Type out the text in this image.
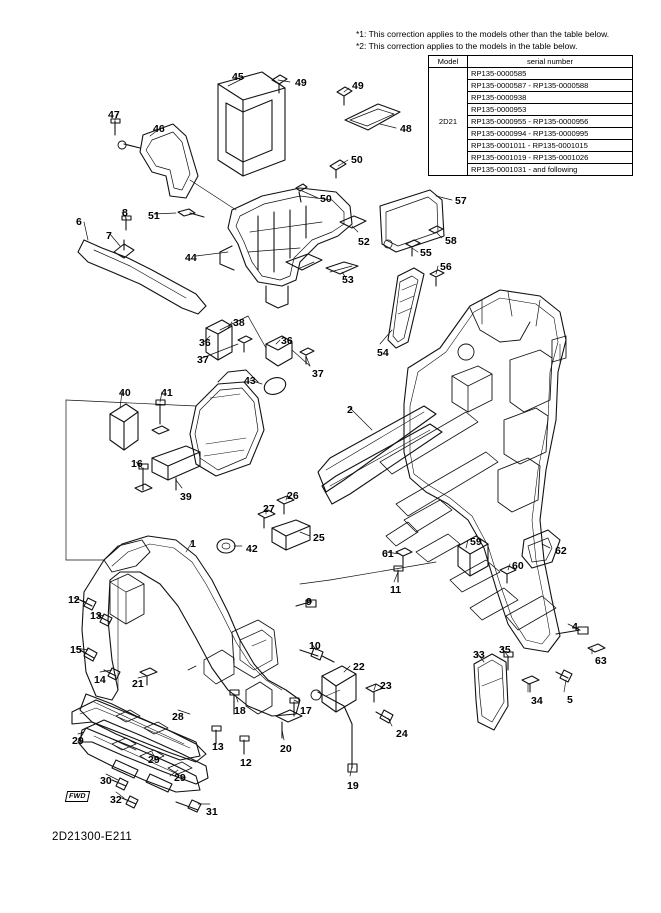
*1: This correction applies to the models other than the table below.
*2: This correction applies to the models in the table below.
Model	serial number
2D21	RP135-0000585
	RP135-0000587 - RP135-0000588
	RP135-0000938
	RP135-0000953
	RP135-0000955 - RP135-0000956
	RP135-0000994 - RP135-0000995
	RP135-0001011 - RP135-0001015
	RP135-0001019 - RP135-0001026
	RP135-0001031 - and following
FWD
2D21300-E211
45	49	49
47
46	48
50
50	57
51
6
8
7	52	58
55
44
56
53
38
36	36
54
37
37
43
40	41
2
16
39	26
27
25
1	42	61
59
62
60
11
12	9
13
4
15	10
33 35
63
14	21
22
23
34 5
28	18	17
29
24
13
12
20
29
30	29
19
32
31
